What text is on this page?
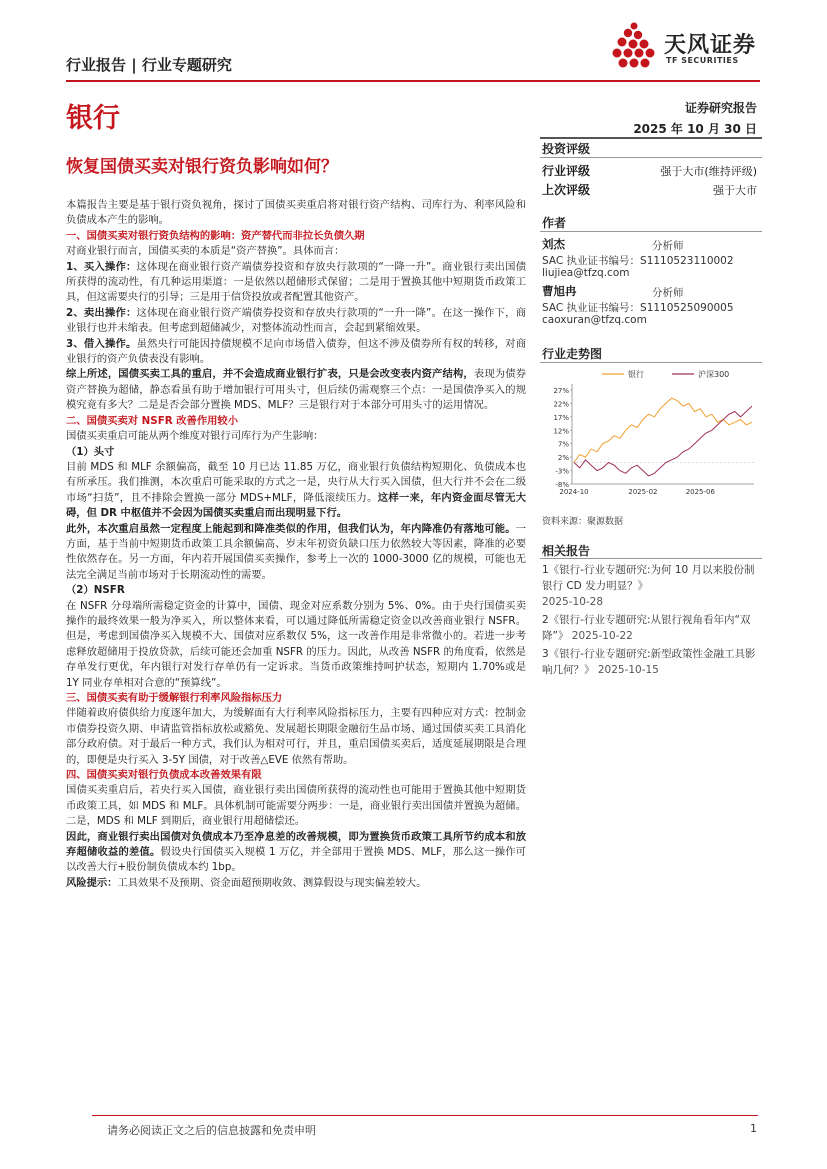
天风证券
TF SECURITIES
行业报告 | 行业专题研究
银行	证券研究报告
2025 年 10 月 30 日
恢复国债买卖对银行资负影响如何？

本篇报告主要是基于银行资负视角，探讨了国债买卖重启将对银行资产结构、司库行为、利率风险和负债成本产生的影响。

一、国债买卖对银行资负结构的影响：资产替代而非拉长负债久期

对商业银行而言，国债买卖的本质是“资产替换”。具体而言：

1、买入操作：这体现在商业银行资产端债券投资和存放央行款项的“一降一升”。商业银行卖出国债所获得的流动性，有几种运用渠道：一是依然以超储形式保留；二是用于置换其他中短期货币政策工具，但这需要央行的引导；三是用于信贷投放或者配置其他资产。

2、卖出操作：这体现在商业银行资产端债券投资和存放央行款项的“一升一降”。在这一操作下，商业银行也并未缩表。但考虑到超储减少，对整体流动性而言，会起到紧缩效果。

3、借入操作。虽然央行可能因持债规模不足向市场借入债券，但这不涉及债券所有权的转移，对商业银行的资产负债表没有影响。

综上所述，国债买卖工具的重启，并不会造成商业银行扩表，只是会改变表内资产结构，表现为债券资产替换为超储，静态看虽有助于增加银行可用头寸，但后续仍需观察三个点：一是国债净买入的规模究竟有多大？二是是否会部分置换 MDS、MLF？三是银行对于本部分可用头寸的运用情况。

二、国债买卖对 NSFR 改善作用较小

国债买卖重启可能从两个维度对银行司库行为产生影响：

（1）头寸

目前 MDS 和 MLF 余额偏高，截至 10 月已达 11.85 万亿，商业银行负债结构短期化、负债成本也有所承压。我们推测，本次重启可能采取的方式之一是，央行从大行买入国债，但大行并不会在二级市场“扫货”，且不排除会置换一部分 MDS+MLF，降低滚续压力。这样一来，年内资金面尽管无大碍，但 DR 中枢值并不会因为国债买卖重启而出现明显下行。

此外，本次重启虽然一定程度上能起到和降准类似的作用，但我们认为，年内降准仍有落地可能。一方面，基于当前中短期货币政策工具余额偏高、岁末年初资负缺口压力依然较大等因素，降准的必要性依然存在。另一方面，年内若开展国债买卖操作，参考上一次的 1000-3000 亿的规模，可能也无法完全满足当前市场对于长期流动性的需要。

（2）NSFR

在 NSFR 分母端所需稳定资金的计算中，国债、现金对应系数分别为 5%、0%。由于央行国债买卖操作的最终效果一般为净买入，所以整体来看，可以通过降低所需稳定资金以改善商业银行 NSFR。但是，考虑到国债净买入规模不大、国债对应系数仅 5%，这一改善作用是非常微小的。若进一步考虑释放超储用于投放贷款，后续可能还会加重 NSFR 的压力。因此，从改善 NSFR 的角度看，依然是存单发行更优，年内银行对发行存单仍有一定诉求。当货币政策维持呵护状态，短期内 1.70%或是 1Y 同业存单相对合意的“预算线”。

三、国债买卖有助于缓解银行利率风险指标压力

伴随着政府债供给力度逐年加大，为缓解面有大行利率风险指标压力，主要有四种应对方式：控制金市债券投资久期、申请监管指标放松或豁免、发展超长期限金融衍生品市场、通过国债买卖工具消化部分政府债。对于最后一种方式，我们认为相对可行，并且，重启国债买卖后，适度延展期限是合理的，即便是央行买入 3-5Y 国债，对于改善△EVE 依然有帮助。

四、国债买卖对银行负债成本改善效果有限

国债买卖重启后，若央行买入国债，商业银行卖出国债所获得的流动性也可能用于置换其他中短期货币政策工具，如 MDS 和 MLF。具体机制可能需要分两步：一是，商业银行卖出国债并置换为超储。二是，MDS 和 MLF 到期后，商业银行用超储偿还。

因此，商业银行卖出国债对负债成本乃至净息差的改善规模，即为置换货币政策工具所节约成本和放弃超储收益的差值。假设央行国债买入规模 1 万亿，并全部用于置换 MDS、MLF，那么这一操作可以改善大行+股份制负债成本约 1bp。

风险提示：工具效果不及预期、资金面超预期收敛、测算假设与现实偏差较大。

投资评级
行业评级	强于大市(维持评级)
上次评级	强于大市
作者
刘杰	分析师
SAC 执业证书编号：S1110523110002
liujiea@tfzq.com
曹旭冉	分析师
SAC 执业证书编号：S1110525090005
caoxuran@tfzq.com
行业走势图
27%
22%
17%
12%
7%
2%
-3%
-8%
2024-10	2025-02	2025-06
银行	沪深300
资料来源：聚源数据
相关报告
1《银行-行业专题研究:为何 10 月以来股份制银行 CD 发力明显？》
2025-10-28
2《银行-行业专题研究:从银行视角看年内“双降”》 2025-10-22
3《银行-行业专题研究:新型政策性金融工具影响几何？》 2025-10-15
请务必阅读正文之后的信息披露和免责申明	1
